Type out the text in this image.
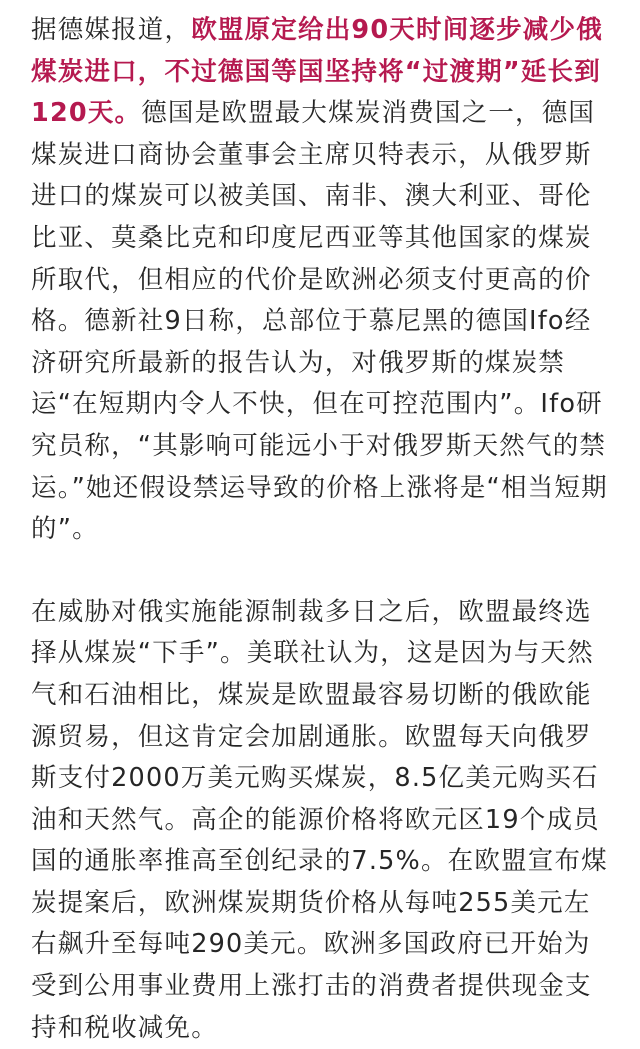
据德媒报道，欧盟原定给出90天时间逐步减少俄煤炭进口，不过德国等国坚持将“过渡期”延长到120天。德国是欧盟最大煤炭消费国之一，德国煤炭进口商协会董事会主席贝特表示，从俄罗斯进口的煤炭可以被美国、南非、澳大利亚、哥伦比亚、莫桑比克和印度尼西亚等其他国家的煤炭所取代，但相应的代价是欧洲必须支付更高的价格。德新社9日称，总部位于慕尼黑的德国Ifo经济研究所最新的报告认为，对俄罗斯的煤炭禁运“在短期内令人不快，但在可控范围内”。Ifo研究员称，“其影响可能远小于对俄罗斯天然气的禁运。”她还假设禁运导致的价格上涨将是“相当短期的”。

在威胁对俄实施能源制裁多日之后，欧盟最终选择从煤炭“下手”。美联社认为，这是因为与天然气和石油相比，煤炭是欧盟最容易切断的俄欧能源贸易，但这肯定会加剧通胀。欧盟每天向俄罗斯支付2000万美元购买煤炭，8.5亿美元购买石油和天然气。高企的能源价格将欧元区19个成员国的通胀率推高至创纪录的7.5%。在欧盟宣布煤炭提案后，欧洲煤炭期货价格从每吨255美元左右飙升至每吨290美元。欧洲多国政府已开始为受到公用事业费用上涨打击的消费者提供现金支持和税收减免。
